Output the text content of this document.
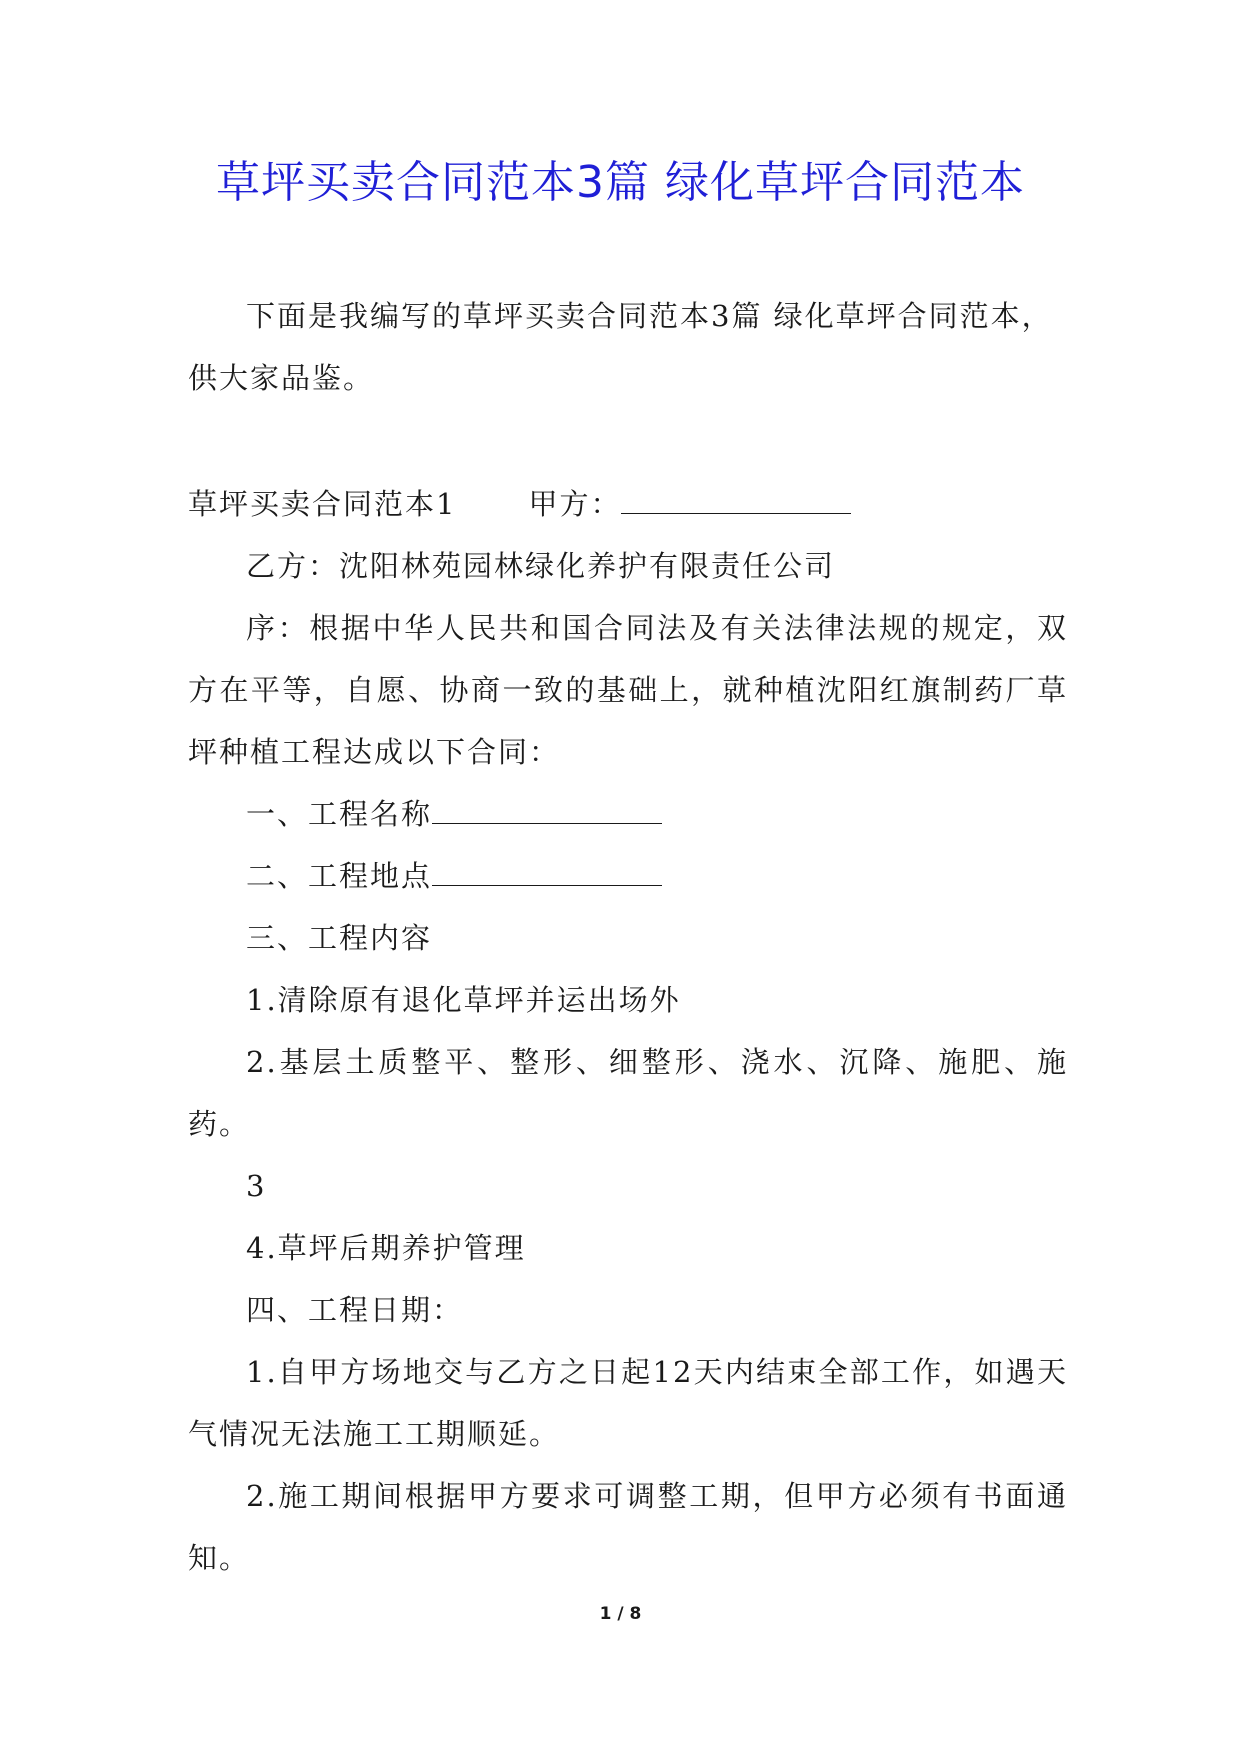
草坪买卖合同范本3篇 绿化草坪合同范本

下面是我编写的草坪买卖合同范本3篇 绿化草坪合同范本，

供大家品鉴。

草坪买卖合同范本1 甲方：

乙方：沈阳林苑园林绿化养护有限责任公司

序：根据中华人民共和国合同法及有关法律法规的规定，双方在平等，自愿、协商一致的基础上，就种植沈阳红旗制药厂草坪种植工程达成以下合同：

一、工程名称

二、工程地点

三、工程内容

1.清除原有退化草坪并运出场外

2.基层土质整平、整形、细整形、浇水、沉降、施肥、施药。

3

4.草坪后期养护管理

四、工程日期：

1.自甲方场地交与乙方之日起12天内结束全部工作，如遇天气情况无法施工工期顺延。

2.施工期间根据甲方要求可调整工期，但甲方必须有书面通知。

1 / 8
